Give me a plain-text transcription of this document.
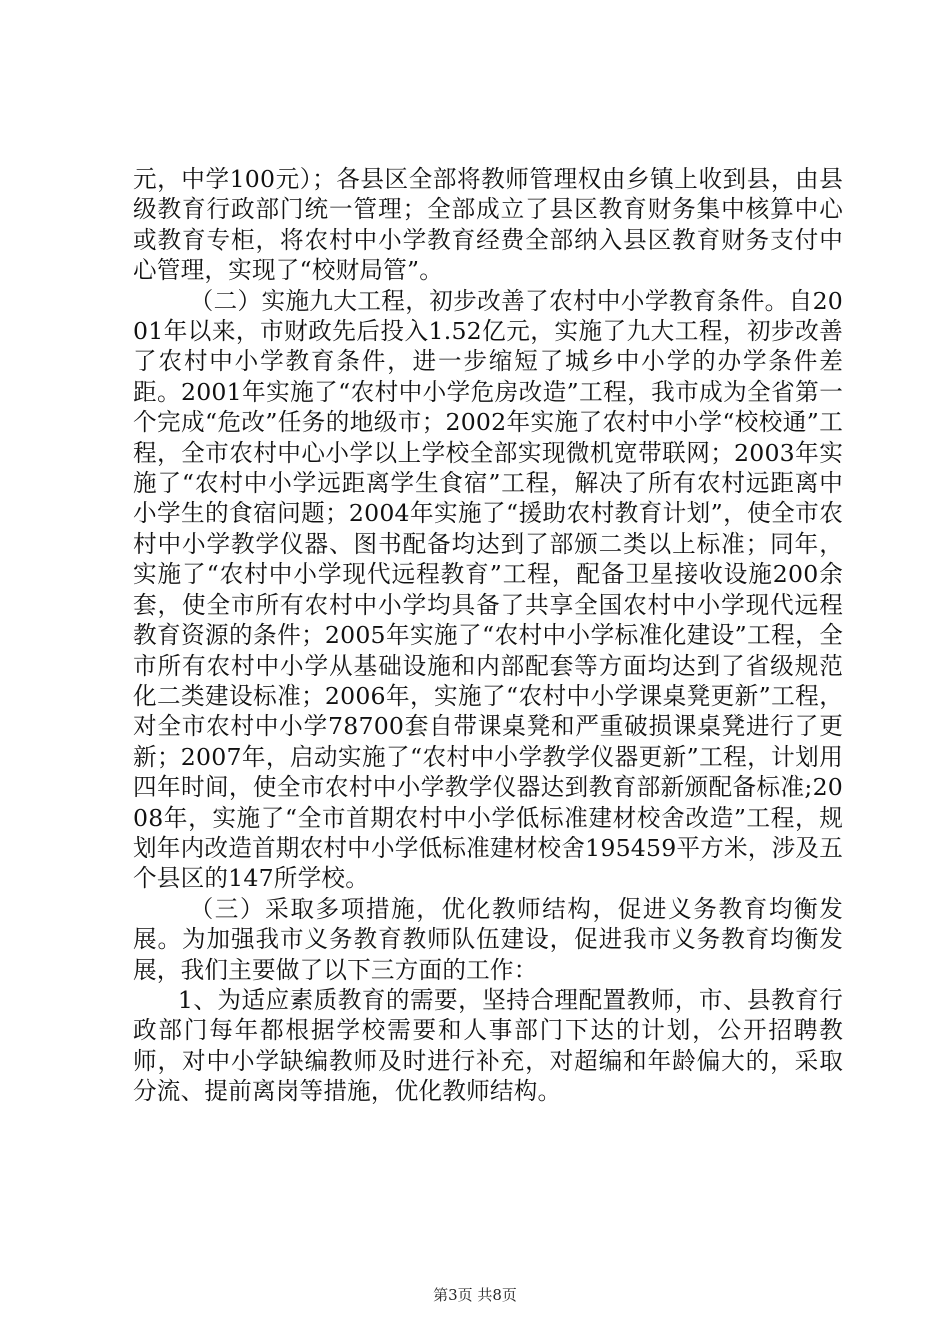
元，中学100元）；各县区全部将教师管理权由乡镇上收到县，由县级教育行政部门统一管理；全部成立了县区教育财务集中核算中心或教育专柜，将农村中小学教育经费全部纳入县区教育财务支付中心管理，实现了“校财局管”。

（二）实施九大工程，初步改善了农村中小学教育条件。自2001年以来，市财政先后投入1.52亿元，实施了九大工程，初步改善了农村中小学教育条件，进一步缩短了城乡中小学的办学条件差距。2001年实施了“农村中小学危房改造”工程，我市成为全省第一个完成“危改”任务的地级市；2002年实施了农村中小学“校校通”工程，全市农村中心小学以上学校全部实现微机宽带联网；2003年实施了“农村中小学远距离学生食宿”工程，解决了所有农村远距离中小学生的食宿问题；2004年实施了“援助农村教育计划”，使全市农村中小学教学仪器、图书配备均达到了部颁二类以上标准；同年，实施了“农村中小学现代远程教育”工程，配备卫星接收设施200余套，使全市所有农村中小学均具备了共享全国农村中小学现代远程教育资源的条件；2005年实施了“农村中小学标准化建设”工程，全市所有农村中小学从基础设施和内部配套等方面均达到了省级规范化二类建设标准；2006年，实施了“农村中小学课桌凳更新”工程，对全市农村中小学78700套自带课桌凳和严重破损课桌凳进行了更新；2007年，启动实施了“农村中小学教学仪器更新”工程，计划用四年时间，使全市农村中小学教学仪器达到教育部新颁配备标准;2008年，实施了“全市首期农村中小学低标准建材校舍改造”工程，规划年内改造首期农村中小学低标准建材校舍195459平方米，涉及五个县区的147所学校。

（三）采取多项措施，优化教师结构，促进义务教育均衡发展。为加强我市义务教育教师队伍建设，促进我市义务教育均衡发展，我们主要做了以下三方面的工作：

1、为适应素质教育的需要，坚持合理配置教师，市、县教育行政部门每年都根据学校需要和人事部门下达的计划，公开招聘教师，对中小学缺编教师及时进行补充，对超编和年龄偏大的，采取分流、提前离岗等措施，优化教师结构。

第3页 共8页
